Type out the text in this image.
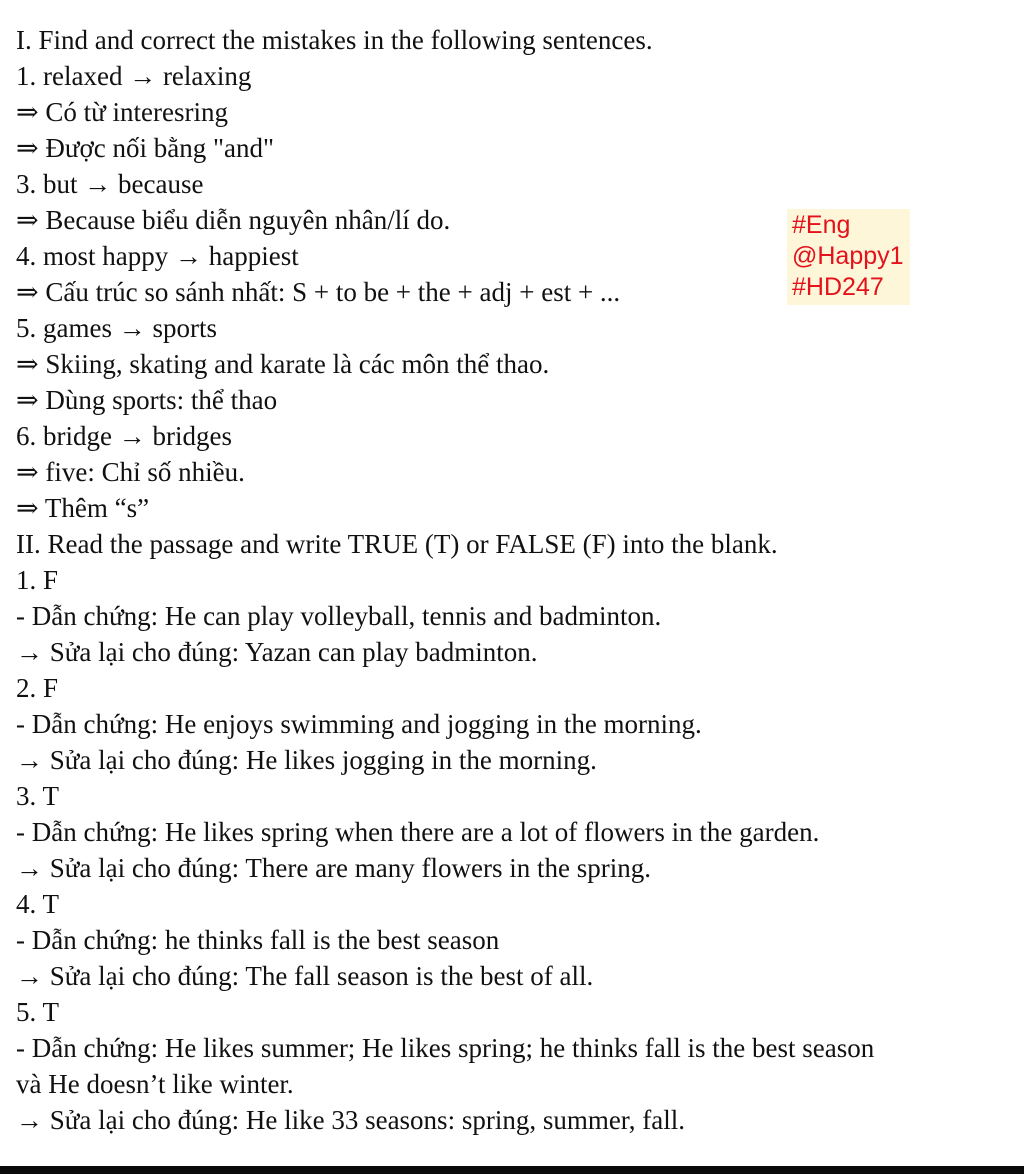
I. Find and correct the mistakes in the following sentences.
1. relaxed → relaxing
⇒ Có từ interesring
⇒ Được nối bằng "and"
3. but → because
⇒ Because biểu diễn nguyên nhân/lí do.
4. most happy → happiest
⇒ Cấu trúc so sánh nhất: S + to be + the + adj + est + ...
5. games → sports
⇒ Skiing, skating and karate là các môn thể thao.
⇒ Dùng sports: thể thao
6. bridge → bridges
⇒ five: Chỉ số nhiều.
⇒ Thêm “s”
II. Read the passage and write TRUE (T) or FALSE (F) into the blank.
1. F
- Dẫn chứng: He can play volleyball, tennis and badminton.
→ Sửa lại cho đúng: Yazan can play badminton.
2. F
- Dẫn chứng: He enjoys swimming and jogging in the morning.
→ Sửa lại cho đúng: He likes jogging in the morning.
3. T
- Dẫn chứng: He likes spring when there are a lot of flowers in the garden.
→ Sửa lại cho đúng: There are many flowers in the spring.
4. T
- Dẫn chứng: he thinks fall is the best season
→ Sửa lại cho đúng: The fall season is the best of all.
5. T
- Dẫn chứng: He likes summer; He likes spring; he thinks fall is the best season
và He doesn’t like winter.
→ Sửa lại cho đúng: He like 33 seasons: spring, summer, fall.
#Eng
@Happy1
#HD247
